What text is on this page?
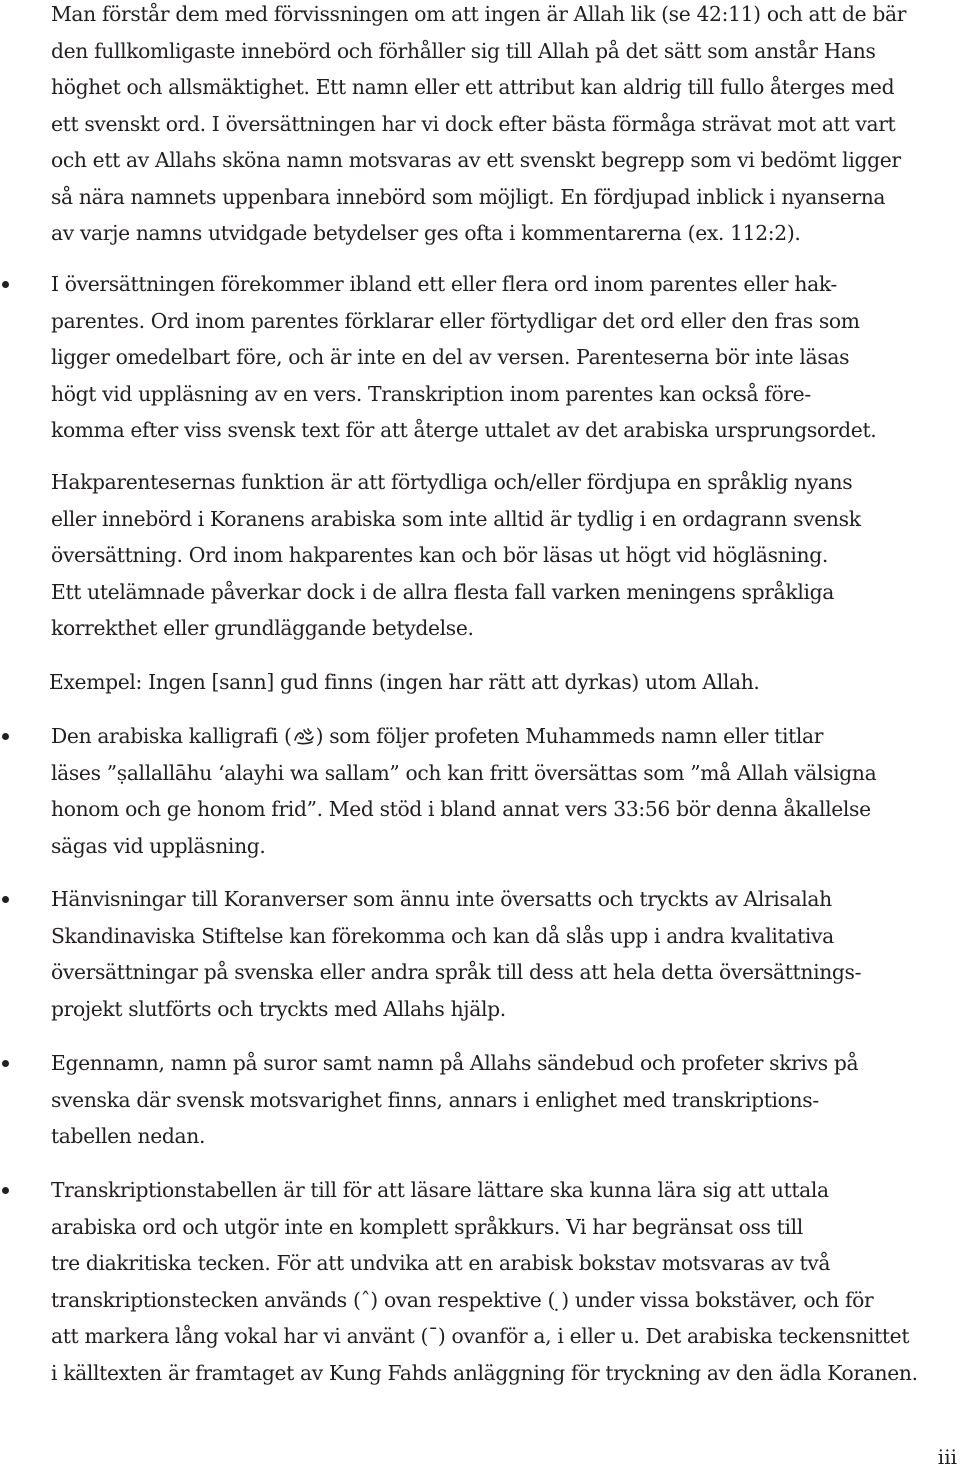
Man förstår dem med förvissningen om att ingen är Allah lik (se 42:11) och att de bär
den fullkomligaste innebörd och förhåller sig till Allah på det sätt som anstår Hans
höghet och allsmäktighet. Ett namn eller ett attribut kan aldrig till fullo återges med
ett svenskt ord. I översättningen har vi dock efter bästa förmåga strävat mot att vart
och ett av Allahs sköna namn motsvaras av ett svenskt begrepp som vi bedömt ligger
så nära namnets uppenbara innebörd som möjligt. En fördjupad inblick i nyanserna
av varje namns utvidgade betydelser ges ofta i kommentarerna (ex. 112:2).
I översättningen förekommer ibland ett eller flera ord inom parentes eller hak-
parentes. Ord inom parentes förklarar eller förtydligar det ord eller den fras som
ligger omedelbart före, och är inte en del av versen. Parenteserna bör inte läsas
högt vid uppläsning av en vers. Transkription inom parentes kan också före-
komma efter viss svensk text för att återge uttalet av det arabiska ursprungsordet.
Hakparentesernas funktion är att förtydliga och/eller fördjupa en språklig nyans
eller innebörd i Koranens arabiska som inte alltid är tydlig i en ordagrann svensk
översättning. Ord inom hakparentes kan och bör läsas ut högt vid högläsning.
Ett utelämnade påverkar dock i de allra flesta fall varken meningens språkliga
korrekthet eller grundläggande betydelse.
Exempel: Ingen [sann] gud finns (ingen har rätt att dyrkas) utom Allah.
Den arabiska kalligrafi ( ) som följer profeten Muhammeds namn eller titlar
läses ”ṣallallāhu ‘alayhi wa sallam” och kan fritt översättas som ”må Allah välsigna
honom och ge honom frid”. Med stöd i bland annat vers 33:56 bör denna åkallelse
sägas vid uppläsning.
Hänvisningar till Koranverser som ännu inte översatts och tryckts av Alrisalah
Skandinaviska Stiftelse kan förekomma och kan då slås upp i andra kvalitativa
översättningar på svenska eller andra språk till dess att hela detta översättnings-
projekt slutförts och tryckts med Allahs hjälp.
Egennamn, namn på suror samt namn på Allahs sändebud och profeter skrivs på
svenska där svensk motsvarighet finns, annars i enlighet med transkriptions-
tabellen nedan.
Transkriptionstabellen är till för att läsare lättare ska kunna lära sig att uttala
arabiska ord och utgör inte en komplett språkkurs. Vi har begränsat oss till
tre diakritiska tecken. För att undvika att en arabisk bokstav motsvaras av två
transkriptionstecken används (ˆ) ovan respektive ( ̣) under vissa bokstäver, och för
att markera lång vokal har vi använt (¯) ovanför a, i eller u. Det arabiska teckensnittet
i källtexten är framtaget av Kung Fahds anläggning för tryckning av den ädla Koranen.
iii
